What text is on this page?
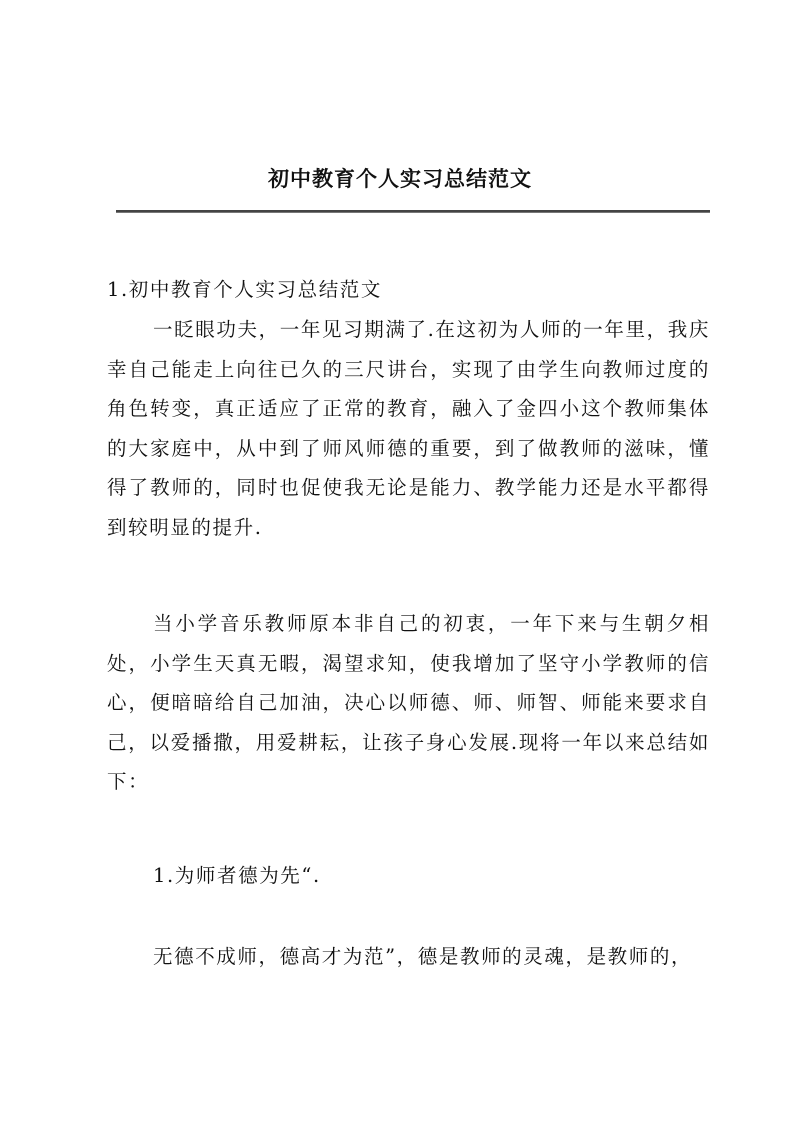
初中教育个人实习总结范文

1.初中教育个人实习总结范文

一眨眼功夫，一年见习期满了.在这初为人师的一年里，我庆幸自己能走上向往已久的三尺讲台，实现了由学生向教师过度的角色转变，真正适应了正常的教育，融入了金四小这个教师集体的大家庭中，从中到了师风师德的重要，到了做教师的滋味，懂得了教师的，同时也促使我无论是能力、教学能力还是水平都得到较明显的提升.

当小学音乐教师原本非自己的初衷，一年下来与生朝夕相处，小学生天真无暇，渴望求知，使我增加了坚守小学教师的信心，便暗暗给自己加油，决心以师德、师、师智、师能来要求自己，以爱播撒，用爱耕耘，让孩子身心发展.现将一年以来总结如下：

1.为师者德为先“.

无德不成师，德高才为范”，德是教师的灵魂，是教师的，
